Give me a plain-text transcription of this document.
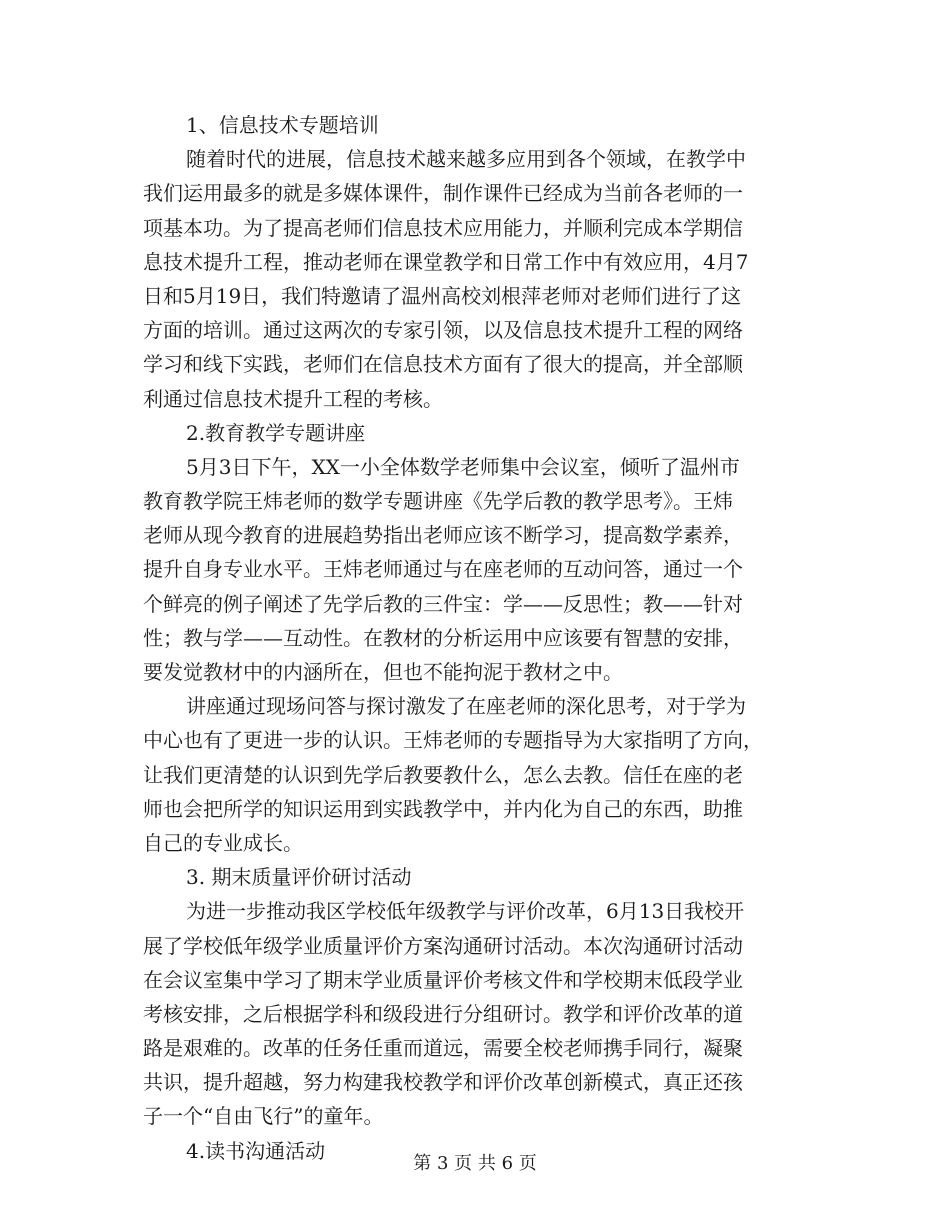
1、信息技术专题培训
随着时代的进展，信息技术越来越多应用到各个领域，在教学中
我们运用最多的就是多媒体课件，制作课件已经成为当前各老师的一
项基本功。为了提高老师们信息技术应用能力，并顺利完成本学期信
息技术提升工程，推动老师在课堂教学和日常工作中有效应用，4月7
日和5月19日，我们特邀请了温州高校刘根萍老师对老师们进行了这
方面的培训。通过这两次的专家引领，以及信息技术提升工程的网络
学习和线下实践，老师们在信息技术方面有了很大的提高，并全部顺
利通过信息技术提升工程的考核。
2.教育教学专题讲座
5月3日下午，XX一小全体数学老师集中会议室，倾听了温州市
教育教学院王炜老师的数学专题讲座《先学后教的教学思考》。王炜
老师从现今教育的进展趋势指出老师应该不断学习，提高数学素养，
提升自身专业水平。王炜老师通过与在座老师的互动问答，通过一个
个鲜亮的例子阐述了先学后教的三件宝：学——反思性；教——针对
性；教与学——互动性。在教材的分析运用中应该要有智慧的安排，
要发觉教材中的内涵所在，但也不能拘泥于教材之中。
讲座通过现场问答与探讨激发了在座老师的深化思考，对于学为
中心也有了更进一步的认识。王炜老师的专题指导为大家指明了方向，
让我们更清楚的认识到先学后教要教什么，怎么去教。信任在座的老
师也会把所学的知识运用到实践教学中，并内化为自己的东西，助推
自己的专业成长。
3. 期末质量评价研讨活动
为进一步推动我区学校低年级教学与评价改革，6月13日我校开
展了学校低年级学业质量评价方案沟通研讨活动。本次沟通研讨活动
在会议室集中学习了期末学业质量评价考核文件和学校期末低段学业
考核安排，之后根据学科和级段进行分组研讨。教学和评价改革的道
路是艰难的。改革的任务任重而道远，需要全校老师携手同行，凝聚
共识，提升超越，努力构建我校教学和评价改革创新模式，真正还孩
子一个“自由飞行”的童年。
4.读书沟通活动
第 3 页 共 6 页
